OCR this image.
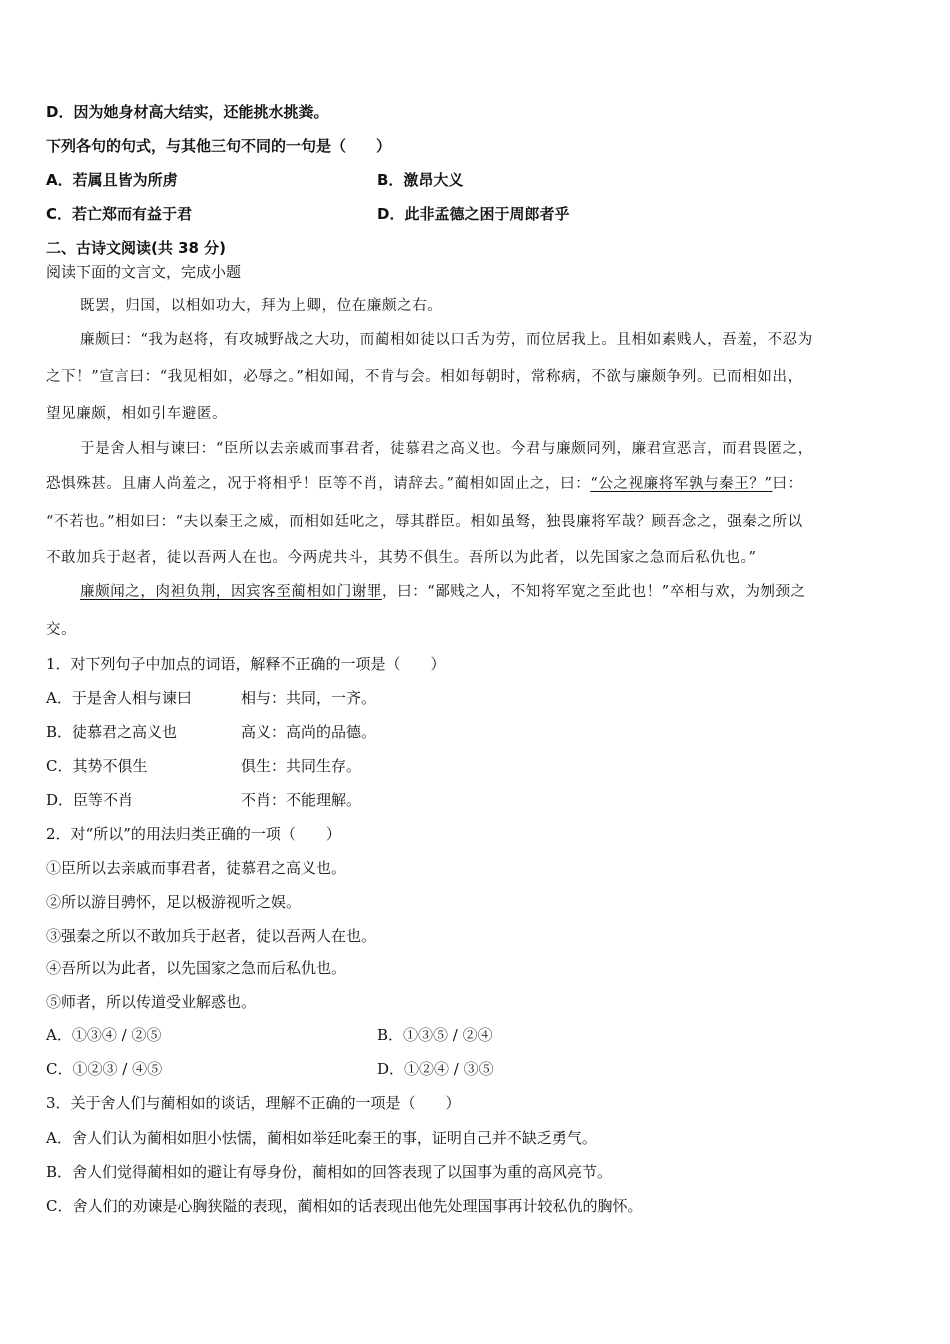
D．因为她身材高大结实，还能挑水挑粪。
下列各句的句式，与其他三句不同的一句是（　　）
A．若属且皆为所虏	B．激昂大义
C．若亡郑而有益于君	D．此非孟德之困于周郎者乎
二、古诗文阅读(共 38 分)
阅读下面的文言文，完成小题
既罢，归国，以相如功大，拜为上卿，位在廉颇之右。
廉颇曰：“我为赵将，有攻城野战之大功，而蔺相如徒以口舌为劳，而位居我上。且相如素贱人，吾羞，不忍为
之下！”宣言曰：“我见相如，必辱之。”相如闻，不肯与会。相如每朝时，常称病，不欲与廉颇争列。已而相如出，
望见廉颇，相如引车避匿。
于是舍人相与谏曰：“臣所以去亲戚而事君者，徒慕君之高义也。今君与廉颇同列，廉君宣恶言，而君畏匿之，
恐惧殊甚。且庸人尚羞之，况于将相乎！臣等不肖，请辞去。”蔺相如固止之，曰：“公之视廉将军孰与秦王？”曰：
“不若也。”相如曰：“夫以秦王之威，而相如廷叱之，辱其群臣。相如虽驽，独畏廉将军哉？顾吾念之，强秦之所以
不敢加兵于赵者，徒以吾两人在也。今两虎共斗，其势不俱生。吾所以为此者，以先国家之急而后私仇也。”
廉颇闻之，肉袒负荆，因宾客至蔺相如门谢罪，曰：“鄙贱之人，不知将军宽之至此也！”卒相与欢，为刎颈之
交。
1．对下列句子中加点的词语，解释不正确的一项是（　　）
A．于是舍人相与谏曰	相与：共同，一齐。
B．徒慕君之高义也	高义：高尚的品德。
C．其势不俱生	俱生：共同生存。
D．臣等不肖	不肖：不能理解。
2．对“所以”的用法归类正确的一项（　　）
①臣所以去亲戚而事君者，徒慕君之高义也。
②所以游目骋怀，足以极游视听之娱。
③强秦之所以不敢加兵于赵者，徒以吾两人在也。
④吾所以为此者，以先国家之急而后私仇也。
⑤师者，所以传道受业解惑也。
A．①③④ / ②⑤	B．①③⑤ / ②④
C．①②③ / ④⑤	D．①②④ / ③⑤
3．关于舍人们与蔺相如的谈话，理解不正确的一项是（　　）
A．舍人们认为蔺相如胆小怯懦，蔺相如举廷叱秦王的事，证明自己并不缺乏勇气。
B．舍人们觉得蔺相如的避让有辱身份，蔺相如的回答表现了以国事为重的高风亮节。
C．舍人们的劝谏是心胸狭隘的表现，蔺相如的话表现出他先处理国事再计较私仇的胸怀。
